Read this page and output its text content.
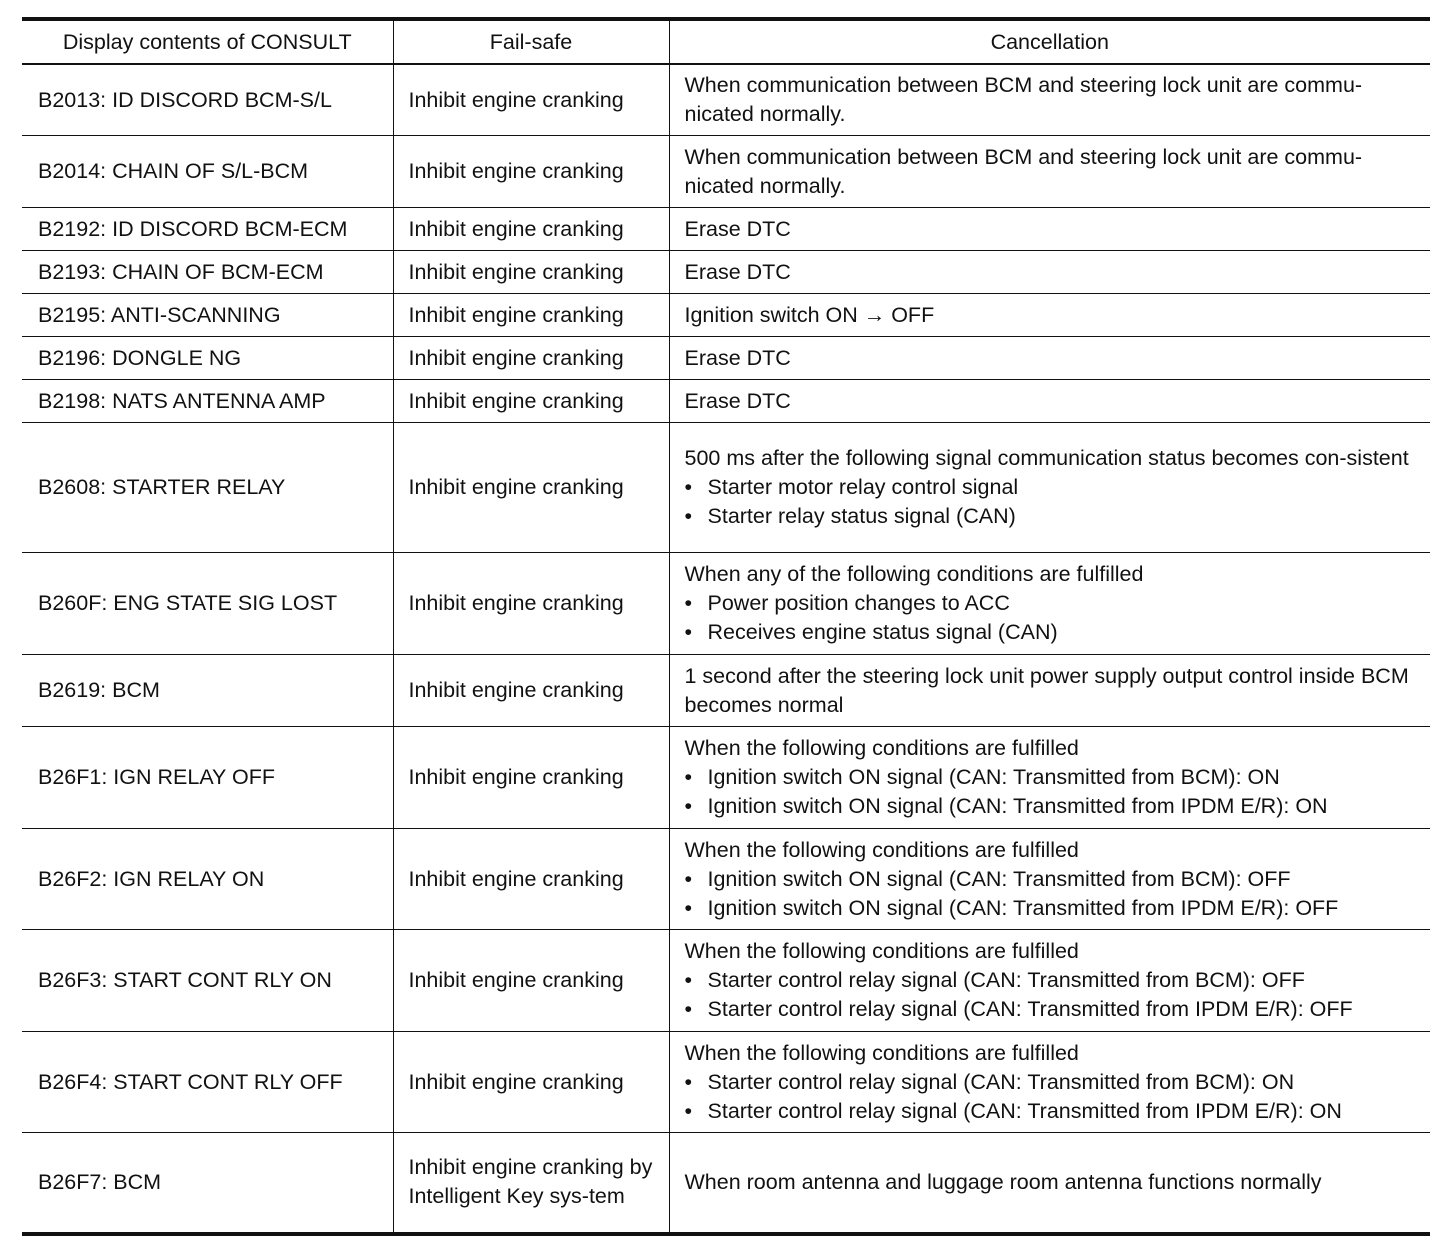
Display contents of CONSULT	Fail-safe	Cancellation
B2013: ID DISCORD BCM-S/L	Inhibit engine cranking	When communication between BCM and steering lock unit are commu-nicated normally.

B2014: CHAIN OF S/L-BCM	Inhibit engine cranking	When communication between BCM and steering lock unit are commu-nicated normally.

B2192: ID DISCORD BCM-ECM	Inhibit engine cranking	Erase DTC

B2193: CHAIN OF BCM-ECM	Inhibit engine cranking	Erase DTC

B2195: ANTI-SCANNING	Inhibit engine cranking	Ignition switch ON → OFF

B2196: DONGLE NG	Inhibit engine cranking	Erase DTC

B2198: NATS ANTENNA AMP	Inhibit engine cranking	Erase DTC

B2608: STARTER RELAY	Inhibit engine cranking	500 ms after the following signal communication status becomes con-sistent
• Starter motor relay control signal
• Starter relay status signal (CAN)

B260F: ENG STATE SIG LOST	Inhibit engine cranking	When any of the following conditions are fulfilled
• Power position changes to ACC
• Receives engine status signal (CAN)

B2619: BCM	Inhibit engine cranking	1 second after the steering lock unit power supply output control inside BCM becomes normal

B26F1: IGN RELAY OFF	Inhibit engine cranking	When the following conditions are fulfilled
• Ignition switch ON signal (CAN: Transmitted from BCM): ON
• Ignition switch ON signal (CAN: Transmitted from IPDM E/R): ON

B26F2: IGN RELAY ON	Inhibit engine cranking	When the following conditions are fulfilled
• Ignition switch ON signal (CAN: Transmitted from BCM): OFF
• Ignition switch ON signal (CAN: Transmitted from IPDM E/R): OFF

B26F3: START CONT RLY ON	Inhibit engine cranking	When the following conditions are fulfilled
• Starter control relay signal (CAN: Transmitted from BCM): OFF
• Starter control relay signal (CAN: Transmitted from IPDM E/R): OFF

B26F4: START CONT RLY OFF	Inhibit engine cranking	When the following conditions are fulfilled
• Starter control relay signal (CAN: Transmitted from BCM): ON
• Starter control relay signal (CAN: Transmitted from IPDM E/R): ON

B26F7: BCM	Inhibit engine cranking by Intelligent Key sys-tem	When room antenna and luggage room antenna functions normally
